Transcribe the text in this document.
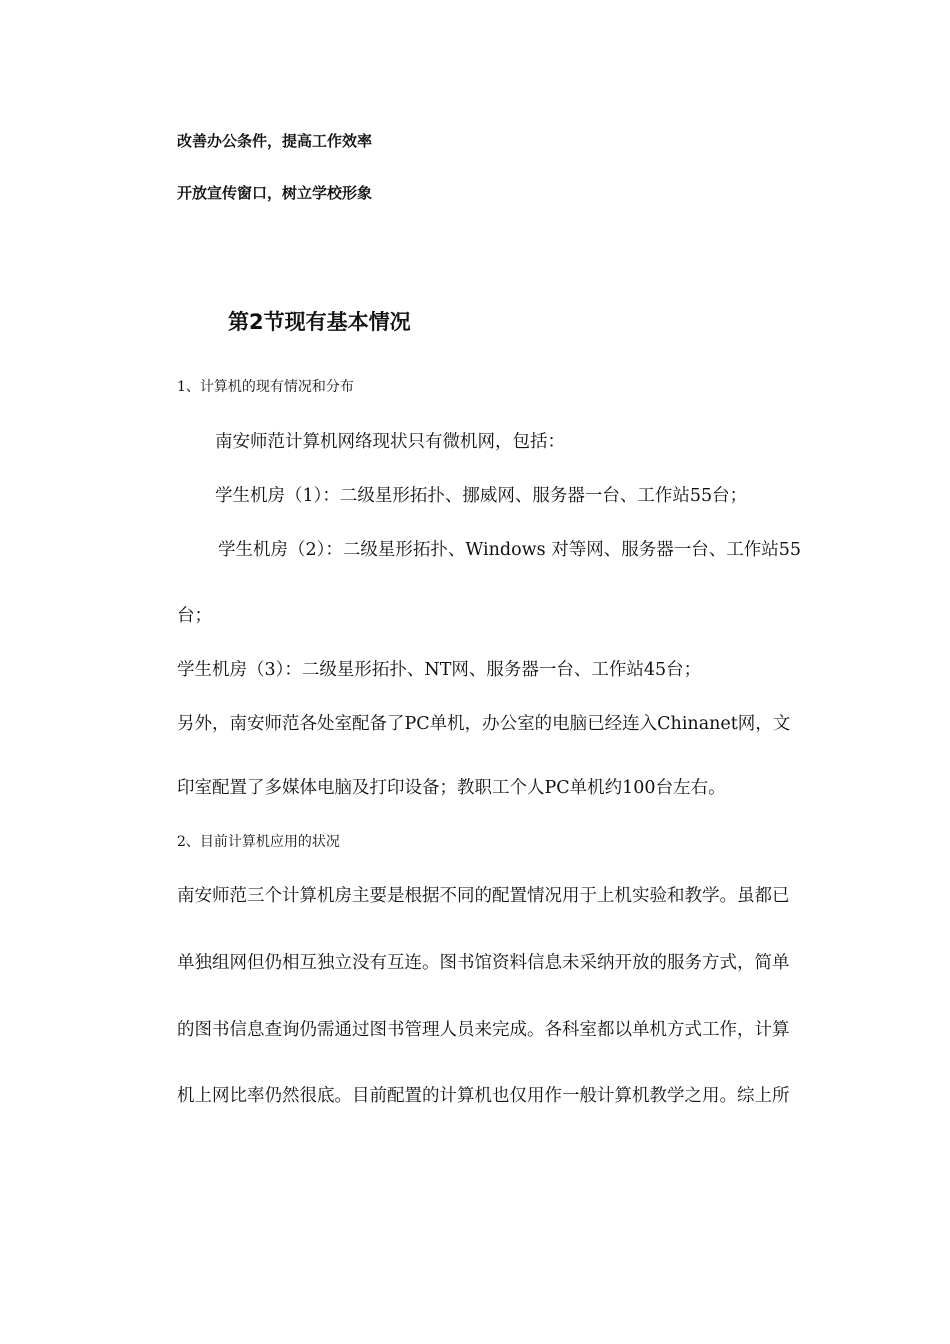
改善办公条件，提高工作效率

开放宣传窗口，树立学校形象

第2节现有基本情况

1、计算机的现有情况和分布

南安师范计算机网络现状只有微机网，包括：

学生机房（1）：二级星形拓扑、挪威网、服务器一台、工作站55台；

学生机房（2）：二级星形拓扑、Windows 对等网、服务器一台、工作站55

台；

学生机房（3）：二级星形拓扑、NT网、服务器一台、工作站45台；

另外，南安师范各处室配备了PC单机，办公室的电脑已经连入Chinanet网，文

印室配置了多媒体电脑及打印设备；教职工个人PC单机约100台左右。

2、目前计算机应用的状况

南安师范三个计算机房主要是根据不同的配置情况用于上机实验和教学。虽都已

单独组网但仍相互独立没有互连。图书馆资料信息未采纳开放的服务方式，简单

的图书信息查询仍需通过图书管理人员来完成。各科室都以单机方式工作，计算

机上网比率仍然很底。目前配置的计算机也仅用作一般计算机教学之用。综上所
